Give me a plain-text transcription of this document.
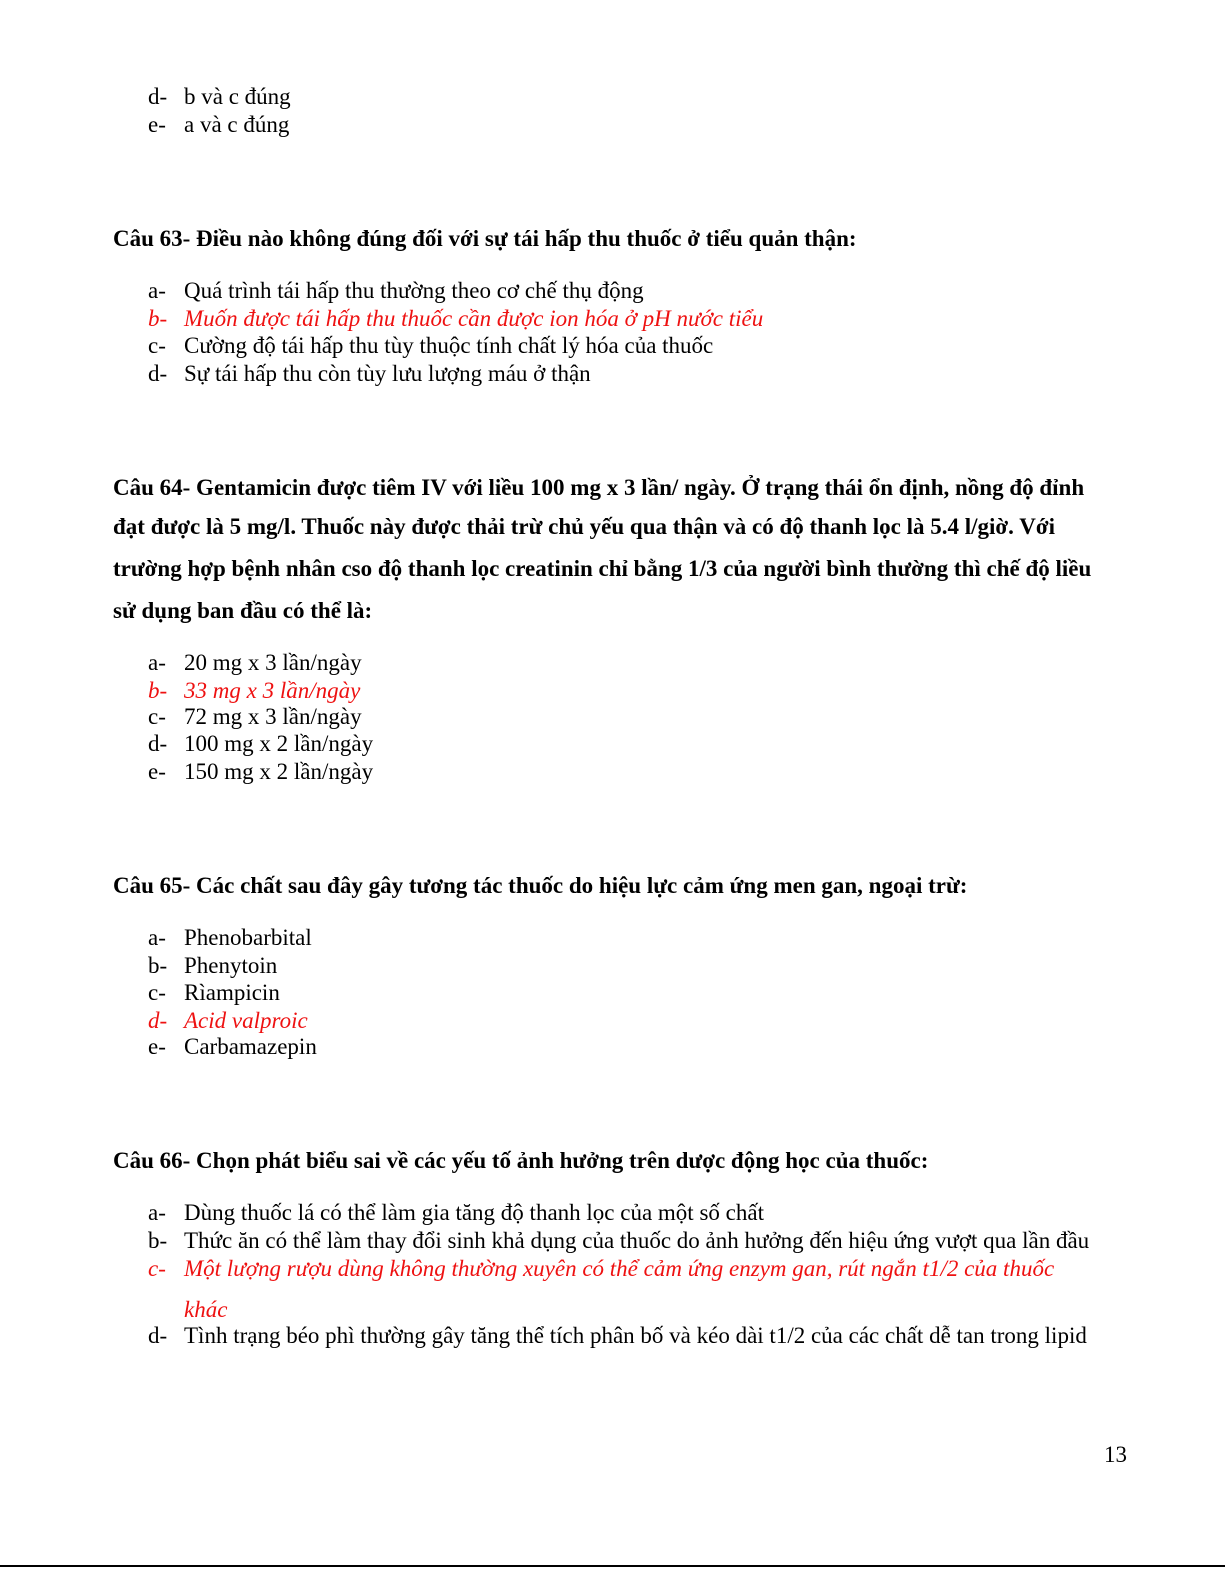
d- b và c đúng
e- a và c đúng
Câu 63- Điều nào không đúng đối với sự tái hấp thu thuốc ở tiểu quản thận:
a- Quá trình tái hấp thu thường theo cơ chế thụ động
b- Muốn được tái hấp thu thuốc cần được ion hóa ở pH nước tiểu
c- Cường độ tái hấp thu tùy thuộc tính chất lý hóa của thuốc
d- Sự tái hấp thu còn tùy lưu lượng máu ở thận
Câu 64- Gentamicin được tiêm IV với liều 100 mg x 3 lần/ ngày. Ở trạng thái ổn định, nồng độ đỉnh
đạt được là 5 mg/l. Thuốc này được thải trừ chủ yếu qua thận và có độ thanh lọc là 5.4 l/giờ. Với
trường hợp bệnh nhân cso độ thanh lọc creatinin chỉ bằng 1/3 của người bình thường thì chế độ liều
sử dụng ban đầu có thể là:
a- 20 mg x 3 lần/ngày
b- 33 mg x 3 lần/ngày
c- 72 mg x 3 lần/ngày
d- 100 mg x 2 lần/ngày
e- 150 mg x 2 lần/ngày
Câu 65- Các chất sau đây gây tương tác thuốc do hiệu lực cảm ứng men gan, ngoại trừ:
a- Phenobarbital
b- Phenytoin
c- Rìampicin
d- Acid valproic
e- Carbamazepin
Câu 66- Chọn phát biểu sai về các yếu tố ảnh hưởng trên dược động học của thuốc:
a- Dùng thuốc lá có thể làm gia tăng độ thanh lọc của một số chất
b- Thức ăn có thể làm thay đổi sinh khả dụng của thuốc do ảnh hưởng đến hiệu ứng vượt qua lần đầu
c- Một lượng rượu dùng không thường xuyên có thể cảm ứng enzym gan, rút ngắn t1/2 của thuốc
khác
d- Tình trạng béo phì thường gây tăng thể tích phân bố và kéo dài t1/2 của các chất dễ tan trong lipid
13
